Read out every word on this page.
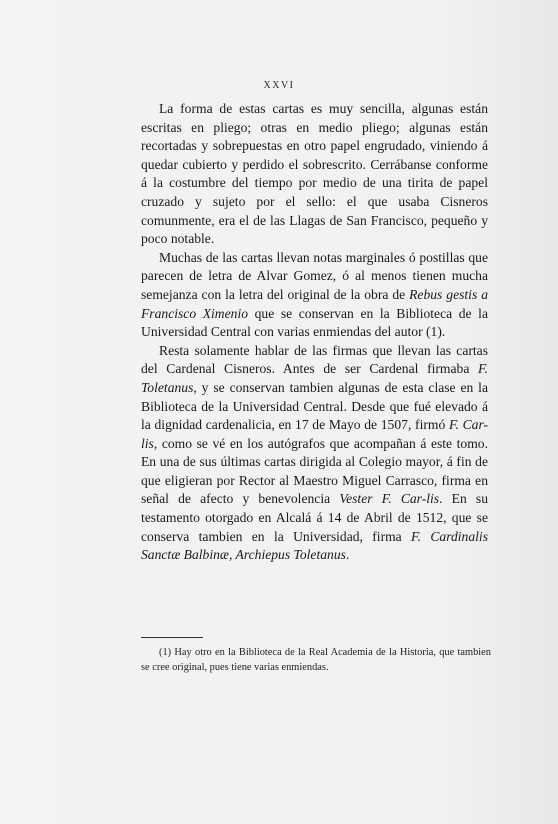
XXVI

La forma de estas cartas es muy sencilla, algunas están escritas en pliego; otras en medio pliego; algunas están recortadas y sobrepuestas en otro papel engrudado, viniendo á quedar cubierto y perdido el sobrescrito. Cerrábanse conforme á la costumbre del tiempo por medio de una tirita de papel cruzado y sujeto por el sello: el que usaba Cisneros comunmente, era el de las Llagas de San Francisco, pequeño y poco notable.

Muchas de las cartas llevan notas marginales ó postillas que parecen de letra de Alvar Gomez, ó al menos tienen mucha semejanza con la letra del original de la obra de Rebus gestis a Francisco Ximenio que se conservan en la Biblioteca de la Universidad Central con varias enmiendas del autor (1).

Resta solamente hablar de las firmas que llevan las cartas del Cardenal Cisneros. Antes de ser Cardenal firmaba F. Toletanus, y se conservan tambien algunas de esta clase en la Biblioteca de la Universidad Central. Desde que fué elevado á la dignidad cardenalicia, en 17 de Mayo de 1507, firmó F. Car-lis, como se vé en los autógrafos que acompañan á este tomo. En una de sus últimas cartas dirigida al Colegio mayor, á fin de que eligieran por Rector al Maestro Miguel Carrasco, firma en señal de afecto y benevolencia Vester F. Car-lis. En su testamento otorgado en Alcalá á 14 de Abril de 1512, que se conserva tambien en la Universidad, firma F. Cardinalis Sanctæ Balbinæ, Archiepus Toletanus.

(1) Hay otro en la Biblioteca de la Real Academia de la Historia, que tambien se cree original, pues tiene varias enmiendas.
